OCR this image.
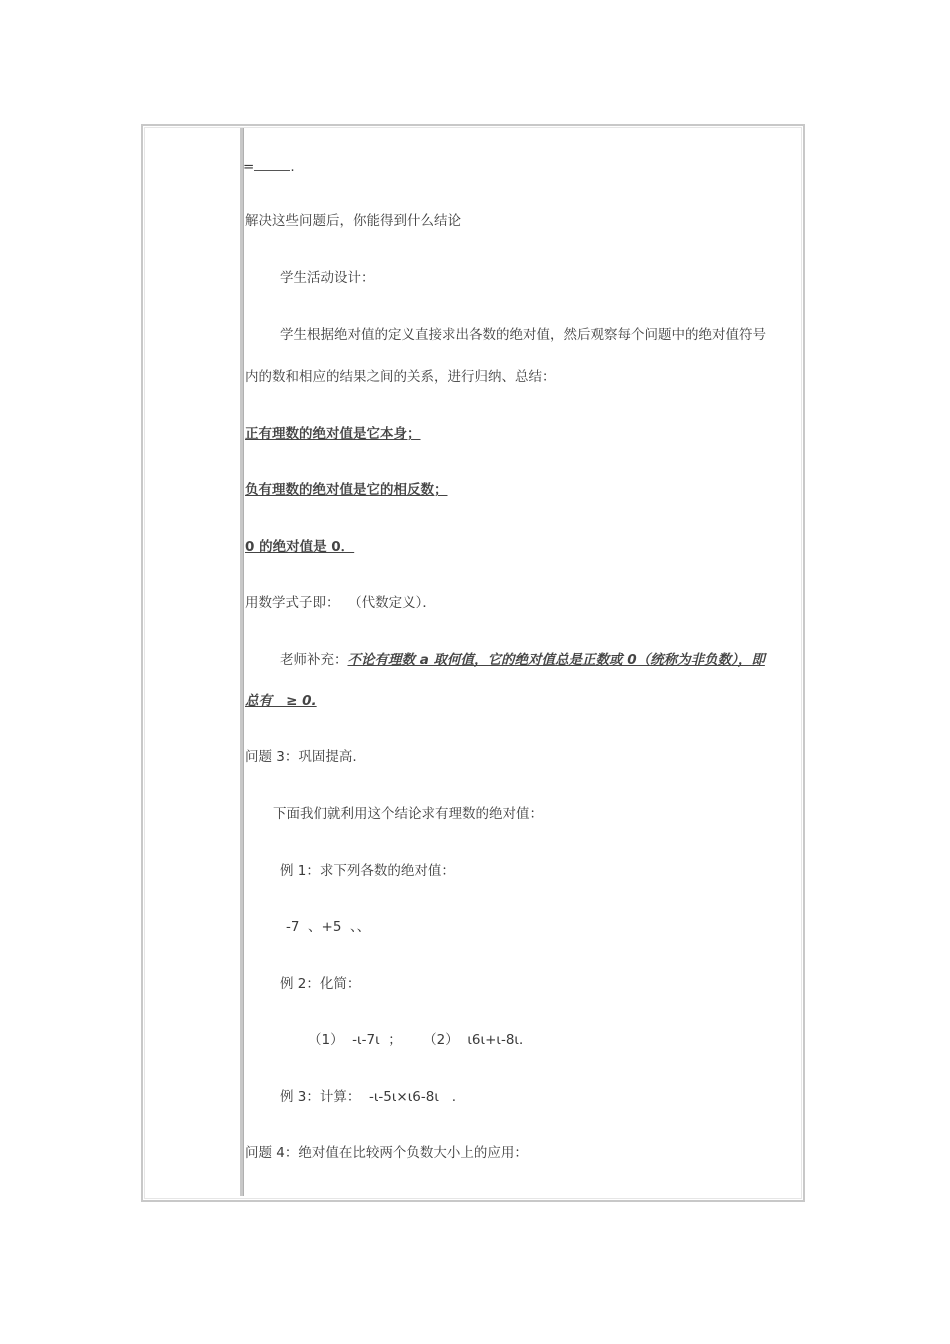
=	.
解决这些问题后，你能得到什么结论
学生活动设计：
学生根据绝对值的定义直接求出各数的绝对值，然后观察每个问题中的绝对值符号
内的数和相应的结果之间的关系，进行归纳、总结：
正有理数的绝对值是它本身；
负有理数的绝对值是它的相反数；
0 的绝对值是 0．
用数学式子即：  （代数定义）．
老师补充：不论有理数 a 取何值，它的绝对值总是正数或 0（统称为非负数），即
总有   ≥ 0.
问题 3：巩固提高.
下面我们就利用这个结论求有理数的绝对值：
例 1：求下列各数的绝对值：
-7  、+5  、、
例 2：化简：
（1）  -ι-7ι  ；     （2）  ι6ι+ι-8ι．
例 3：计算：  -ι-5ι×ι6-8ι   .
问题 4：绝对值在比较两个负数大小上的应用：
